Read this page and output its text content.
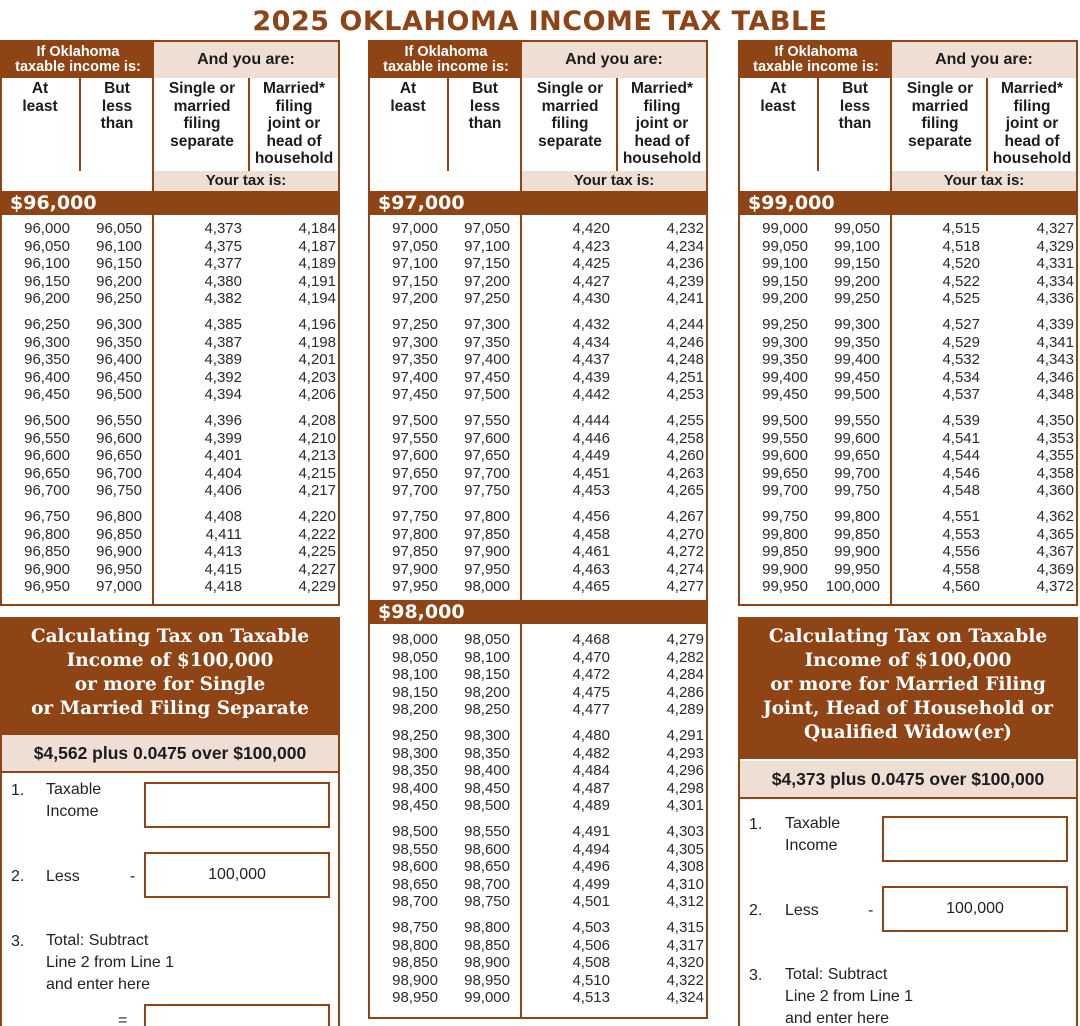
2025 OKLAHOMA INCOME TAX TABLE
If Oklahoma
taxable income is:	And you are:
At
least
But
less
than
Single or
married
filing
separate
Married*
filing
joint or
head of
household
Your tax is:
$96,000
96,000	96,050	4,373	4,184
96,050	96,100	4,375	4,187
96,100	96,150	4,377	4,189
96,150	96,200	4,380	4,191
96,200	96,250	4,382	4,194
96,250	96,300	4,385	4,196
96,300	96,350	4,387	4,198
96,350	96,400	4,389	4,201
96,400	96,450	4,392	4,203
96,450	96,500	4,394	4,206
96,500	96,550	4,396	4,208
96,550	96,600	4,399	4,210
96,600	96,650	4,401	4,213
96,650	96,700	4,404	4,215
96,700	96,750	4,406	4,217
96,750	96,800	4,408	4,220
96,800	96,850	4,411	4,222
96,850	96,900	4,413	4,225
96,900	96,950	4,415	4,227
96,950	97,000	4,418	4,229
If Oklahoma
taxable income is:	And you are:
At
least
But
less
than
Single or
married
filing
separate
Married*
filing
joint or
head of
household
Your tax is:
$97,000
97,000	97,050	4,420	4,232
97,050	97,100	4,423	4,234
97,100	97,150	4,425	4,236
97,150	97,200	4,427	4,239
97,200	97,250	4,430	4,241
97,250	97,300	4,432	4,244
97,300	97,350	4,434	4,246
97,350	97,400	4,437	4,248
97,400	97,450	4,439	4,251
97,450	97,500	4,442	4,253
97,500	97,550	4,444	4,255
97,550	97,600	4,446	4,258
97,600	97,650	4,449	4,260
97,650	97,700	4,451	4,263
97,700	97,750	4,453	4,265
97,750	97,800	4,456	4,267
97,800	97,850	4,458	4,270
97,850	97,900	4,461	4,272
97,900	97,950	4,463	4,274
97,950	98,000	4,465	4,277
$98,000
98,000	98,050	4,468	4,279
98,050	98,100	4,470	4,282
98,100	98,150	4,472	4,284
98,150	98,200	4,475	4,286
98,200	98,250	4,477	4,289
98,250	98,300	4,480	4,291
98,300	98,350	4,482	4,293
98,350	98,400	4,484	4,296
98,400	98,450	4,487	4,298
98,450	98,500	4,489	4,301
98,500	98,550	4,491	4,303
98,550	98,600	4,494	4,305
98,600	98,650	4,496	4,308
98,650	98,700	4,499	4,310
98,700	98,750	4,501	4,312
98,750	98,800	4,503	4,315
98,800	98,850	4,506	4,317
98,850	98,900	4,508	4,320
98,900	98,950	4,510	4,322
98,950	99,000	4,513	4,324
If Oklahoma
taxable income is:	And you are:
At
least
But
less
than
Single or
married
filing
separate
Married*
filing
joint or
head of
household
Your tax is:
$99,000
99,000	99,050	4,515	4,327
99,050	99,100	4,518	4,329
99,100	99,150	4,520	4,331
99,150	99,200	4,522	4,334
99,200	99,250	4,525	4,336
99,250	99,300	4,527	4,339
99,300	99,350	4,529	4,341
99,350	99,400	4,532	4,343
99,400	99,450	4,534	4,346
99,450	99,500	4,537	4,348
99,500	99,550	4,539	4,350
99,550	99,600	4,541	4,353
99,600	99,650	4,544	4,355
99,650	99,700	4,546	4,358
99,700	99,750	4,548	4,360
99,750	99,800	4,551	4,362
99,800	99,850	4,553	4,365
99,850	99,900	4,556	4,367
99,900	99,950	4,558	4,369
99,950	100,000	4,560	4,372
Calculating Tax on Taxable
Income of $100,000
or more for Single
or Married Filing Separate
$4,562 plus 0.0475 over $100,000
1. Taxable
Income
2. Less	-	100,000
3. Total: Subtract
Line 2 from Line 1
and enter here
=
Calculating Tax on Taxable
Income of $100,000
or more for Married Filing
Joint, Head of Household or
Qualified Widow(er)
$4,373 plus 0.0475 over $100,000
1. Taxable
Income
2. Less	-	100,000
3. Total: Subtract
Line 2 from Line 1
and enter here
